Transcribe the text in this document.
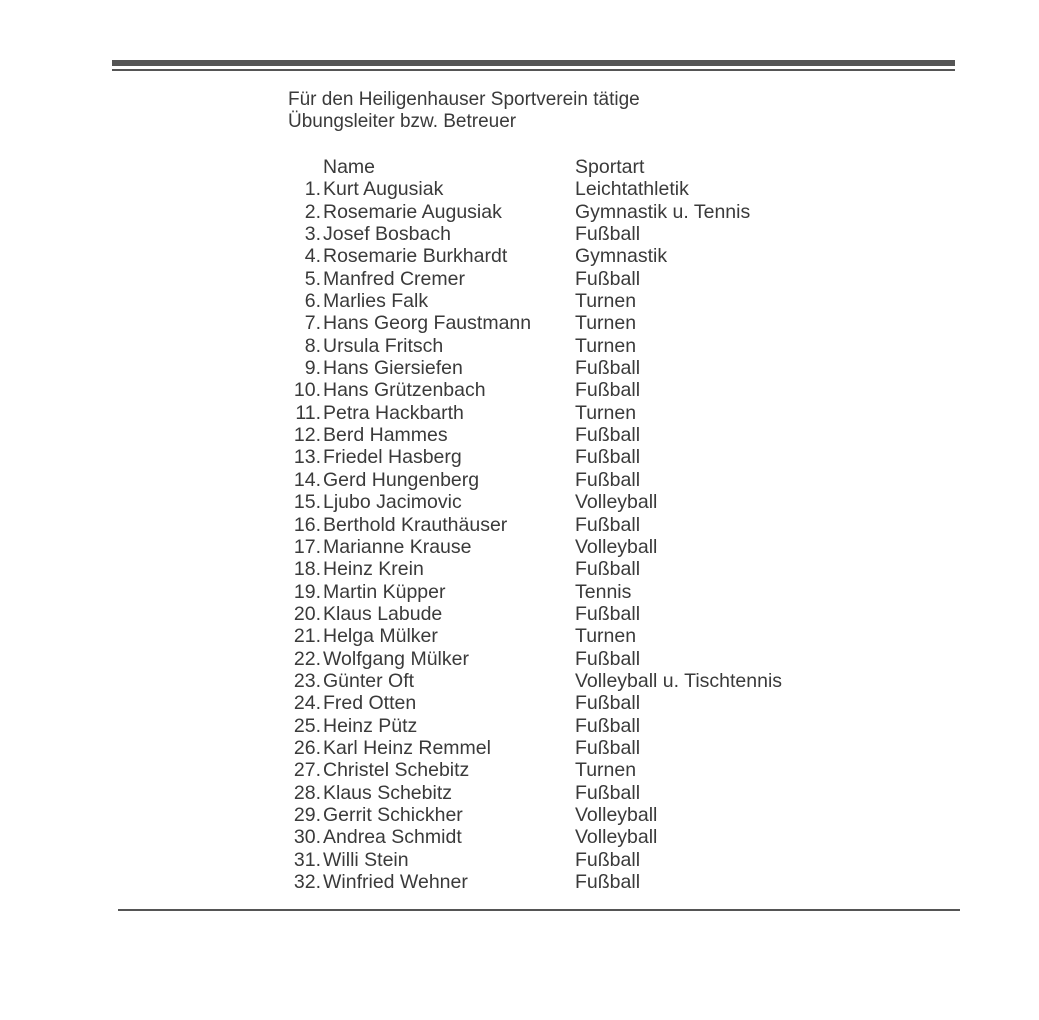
Für den Heiligenhauser Sportverein tätige
Übungsleiter bzw. Betreuer
Name	Sportart
1. Kurt Augusiak	Leichtathletik
2. Rosemarie Augusiak	Gymnastik u. Tennis
3. Josef Bosbach	Fußball
4. Rosemarie Burkhardt	Gymnastik
5. Manfred Cremer	Fußball
6. Marlies Falk	Turnen
7. Hans Georg Faustmann	Turnen
8. Ursula Fritsch	Turnen
9. Hans Giersiefen	Fußball
10. Hans Grützenbach	Fußball
11. Petra Hackbarth	Turnen
12. Berd Hammes	Fußball
13. Friedel Hasberg	Fußball
14. Gerd Hungenberg	Fußball
15. Ljubo Jacimovic	Volleyball
16. Berthold Krauthäuser	Fußball
17. Marianne Krause	Volleyball
18. Heinz Krein	Fußball
19. Martin Küpper	Tennis
20. Klaus Labude	Fußball
21. Helga Mülker	Turnen
22. Wolfgang Mülker	Fußball
23. Günter Oft	Volleyball u. Tischtennis
24. Fred Otten	Fußball
25. Heinz Pütz	Fußball
26. Karl Heinz Remmel	Fußball
27. Christel Schebitz	Turnen
28. Klaus Schebitz	Fußball
29. Gerrit Schickher	Volleyball
30. Andrea Schmidt	Volleyball
31. Willi Stein	Fußball
32. Winfried Wehner	Fußball
